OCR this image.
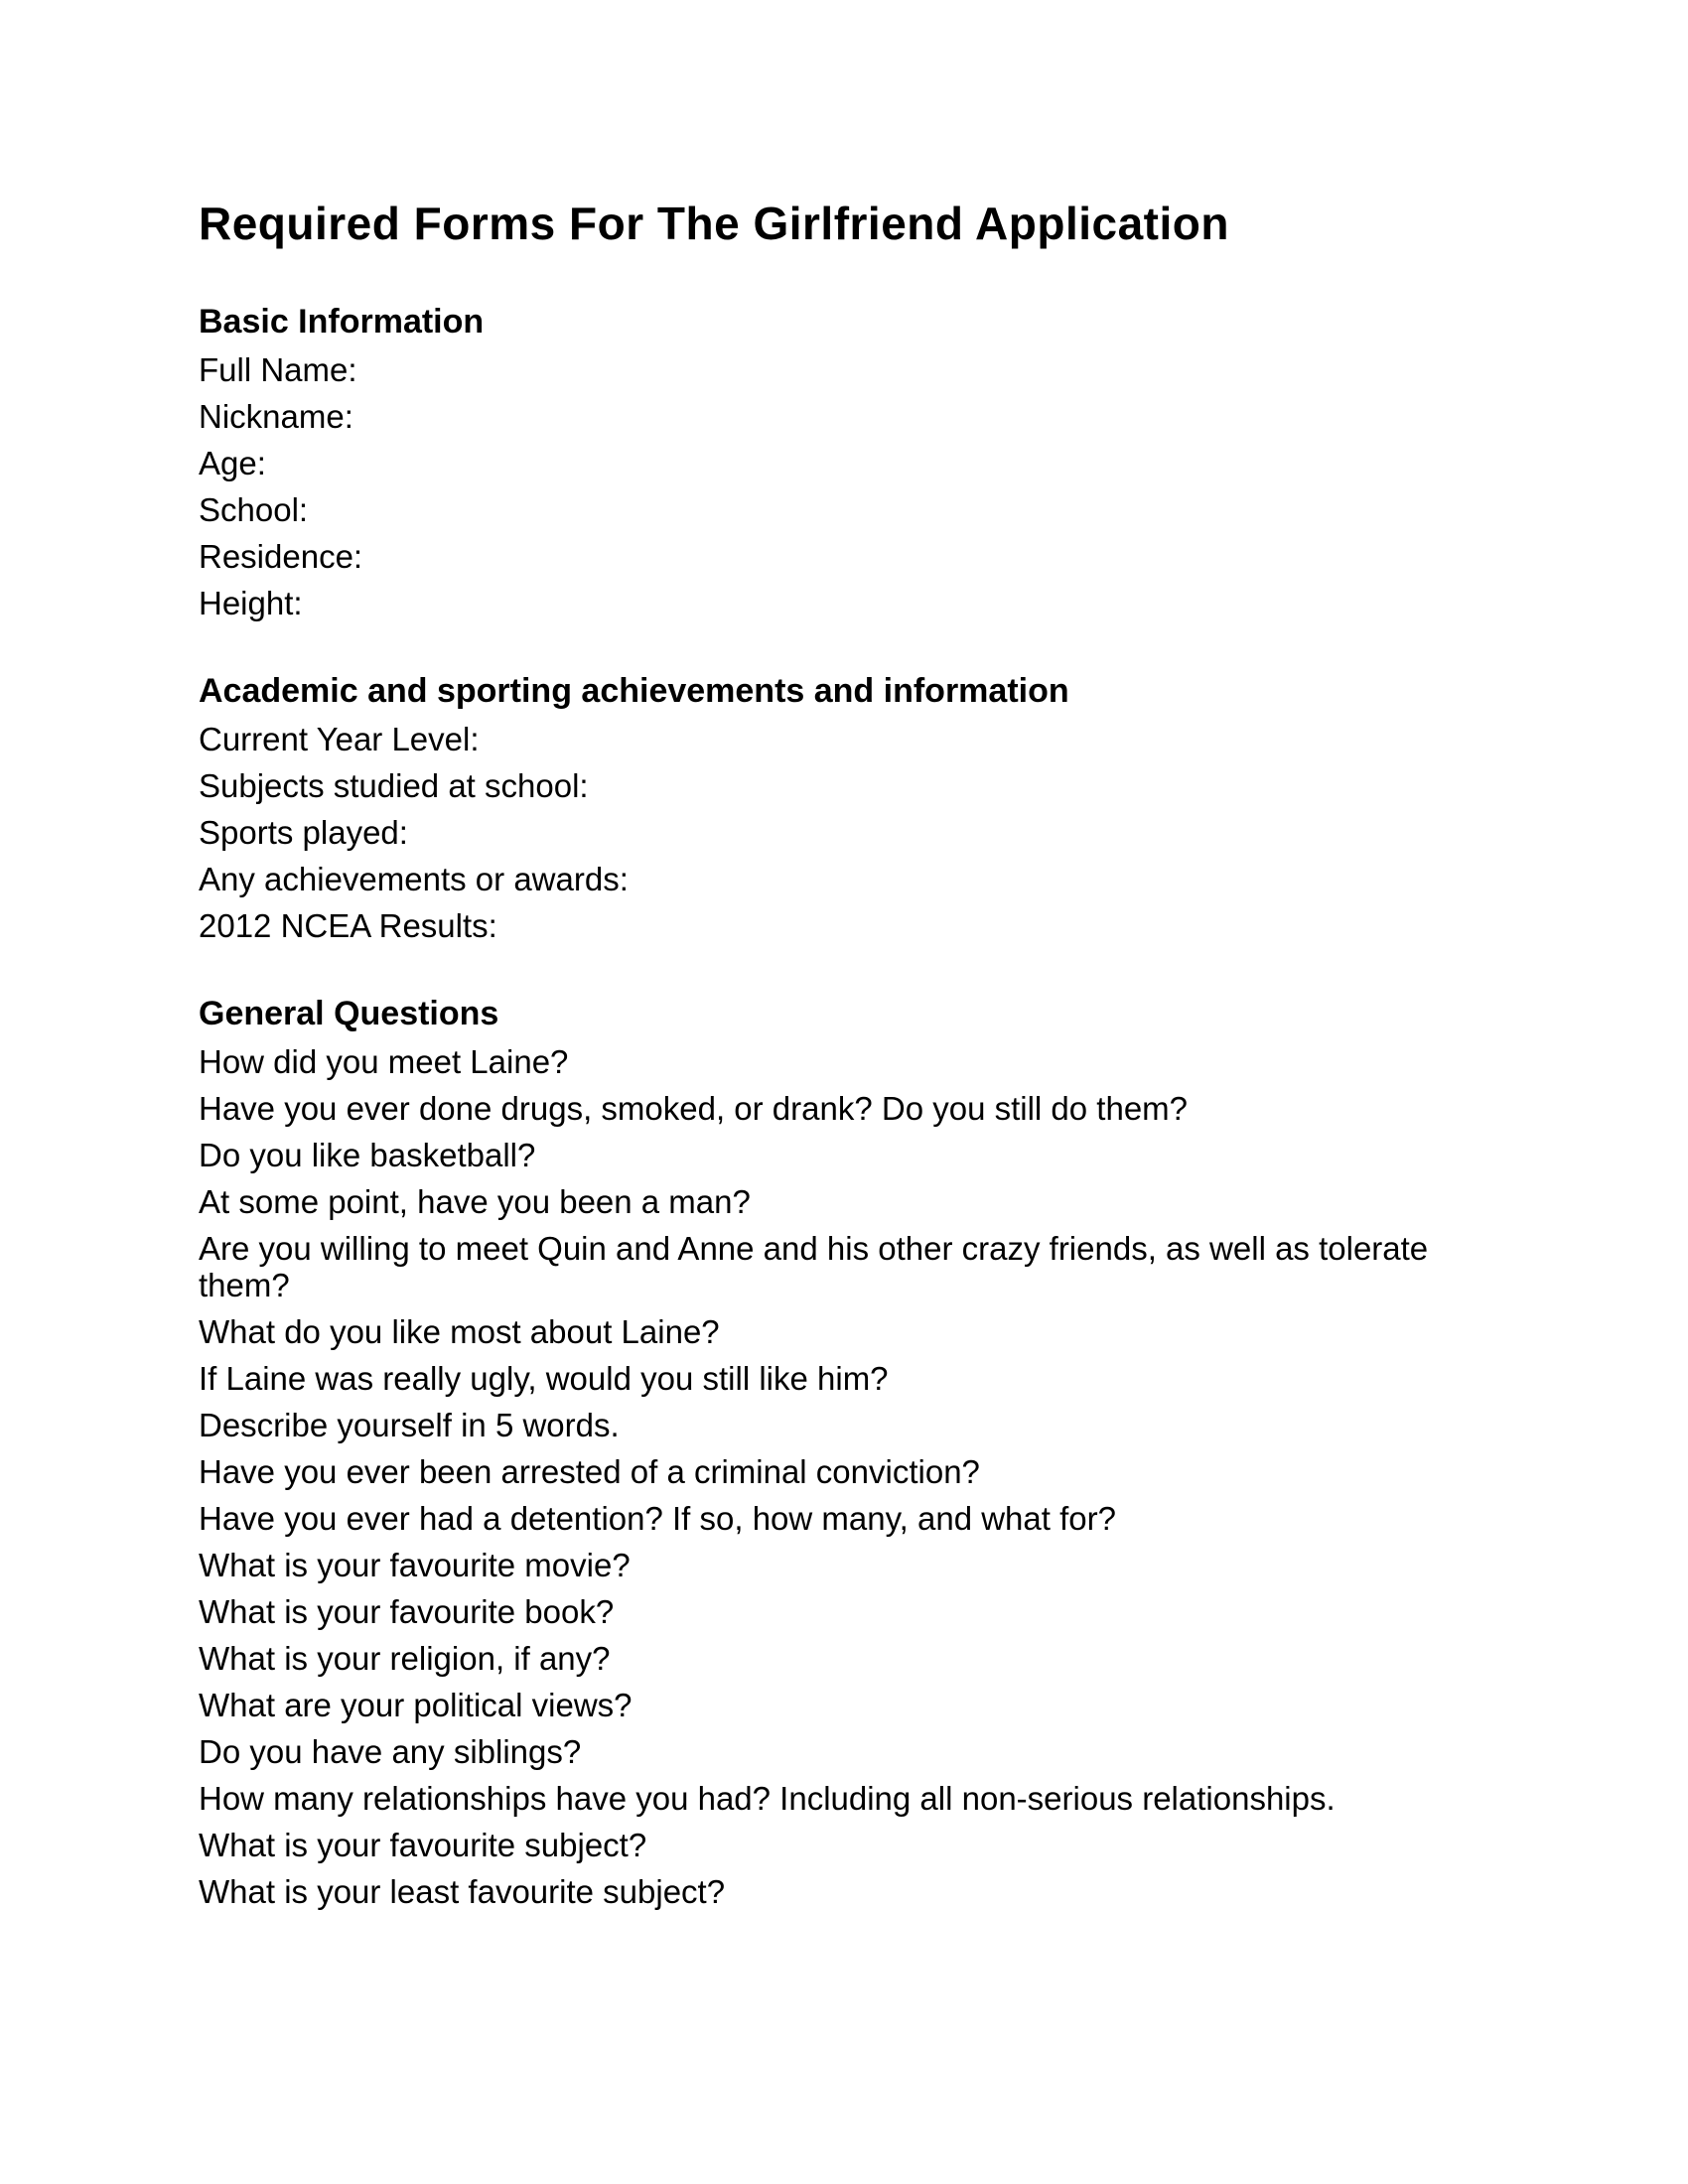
Required Forms For The Girlfriend Application
Basic Information

Full Name:

Nickname:

Age:

School:

Residence:

Height:

Academic and sporting achievements and information

Current Year Level:

Subjects studied at school:

Sports played:

Any achievements or awards:

2012 NCEA Results:

General Questions

How did you meet Laine?

Have you ever done drugs, smoked, or drank? Do you still do them?

Do you like basketball?

At some point, have you been a man?

Are you willing to meet Quin and Anne and his other crazy friends, as well as tolerate them?

What do you like most about Laine?

If Laine was really ugly, would you still like him?

Describe yourself in 5 words.

Have you ever been arrested of a criminal conviction?

Have you ever had a detention? If so, how many, and what for?

What is your favourite movie?

What is your favourite book?

What is your religion, if any?

What are your political views?

Do you have any siblings?

How many relationships have you had? Including all non-serious relationships.

What is your favourite subject?

What is your least favourite subject?
